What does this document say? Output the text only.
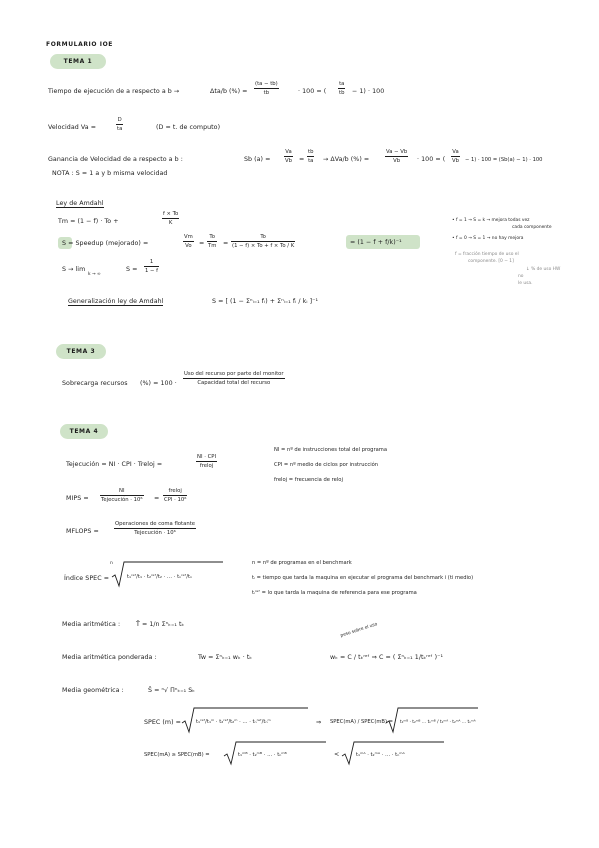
FORMULARIO IOE
TEMA 1
Tiempo de ejecución de a respecto a b →	Δta/b (%) =
(ta − tb)
tb	· 100 = (
ta
tb − 1) · 100
Velocidad Va =
D
ta	(D = t. de computo)
Ganancia de Velocidad de a respecto a b :	Sb (a) =
Va
Vb =
tb
ta → ΔVa/b (%) =
Va − Vb
Vb	· 100 = (
Va
Vb − 1) · 100 = (Sb(a) − 1) · 100
NOTA : S = 1 a y b misma velocidad
Ley de Amdahl
Tm = (1 − f) · To +
f × To
K
S = Speedup (mejorado) =
Vm
Vo =
To
Tm =
To
(1 − f) × To + f × To / K	= (1 − f + f/k)⁻¹
S → lim
k → ∞
S =
1
1 − f
Generalización ley de Amdahl	S = [ (1 − Σⁿᵢ₌₁ fᵢ) + Σⁿᵢ₌₁ fᵢ / kᵢ ]⁻¹
• f = 1 → S = k → mejora todas vez
cada componente
• f = 0 → S = 1 → no hay mejora
f = fracción tiempo de uso el
componente. [0 − 1]
↓ % de uso HW
no
le usa.
TEMA 3
Sobrecarga recursos (%) = 100 ·
Uso del recurso por parte del monitor
Capacidad total del recurso
TEMA 4
Tejecución = NI · CPI · Treloj =
NI · CPI
freloj
NI = nº de instrucciones total del programa
CPI = nº medio de ciclos por instrucción
freloj = frecuencia de reloj
MIPS =
NI
Tejecución · 10⁶ =
freloj
CPI · 10⁶
MFLOPS =
Operaciones de coma flotante
Tejecución · 10⁶
Índice SPEC =
n
t₁ʳᵉᶠ/t₁ · t₂ʳᵉᶠ/t₂ · … · tₙʳᵉᶠ/tₙ
n = nº de programas en el benchmark
tᵢ = tiempo que tarda la maquina en ejecutar el programa del benchmark i (ti medio)
tᵢʳᵉᶠ = lo que tarda la maquina de referencia para ese programa
Media aritmética :	T̄ = 1/n Σⁿₖ₌₁ tₖ
Media aritmética ponderada :	Tw = Σⁿₖ₌₁ wₖ · tₖ
peso sobre el uso
wₖ = C / tₖʳᵉᶠ ⇒ C = ( Σⁿₖ₌₁ 1/tₖʳᵉᶠ )⁻¹
Media geométrica :	S̄ = ⁿ√ Πⁿₖ₌₁ Sₖ
SPEC (m) =	t₁ʳᵉᶠ/t₁ᵐ · t₂ʳᵉᶠ/t₂ᵐ · … · tₙʳᵉᶠ/tₙᵐ	⇒ SPEC(mA) / SPEC(mB) = t₁ᵐᴮ · t₂ᵐᴮ … tₙᵐᴮ / t₁ᵐᴬ · t₂ᵐᴬ … tₙᵐᴬ
SPEC(mA) ≥ SPEC(mB) =	t₁ᵐᴮ · t₂ᵐᴮ · … · tₙᵐᴮ	<	t₁ᵐᴬ · t₂ᵐᴬ · … · tₙᵐᴬ
